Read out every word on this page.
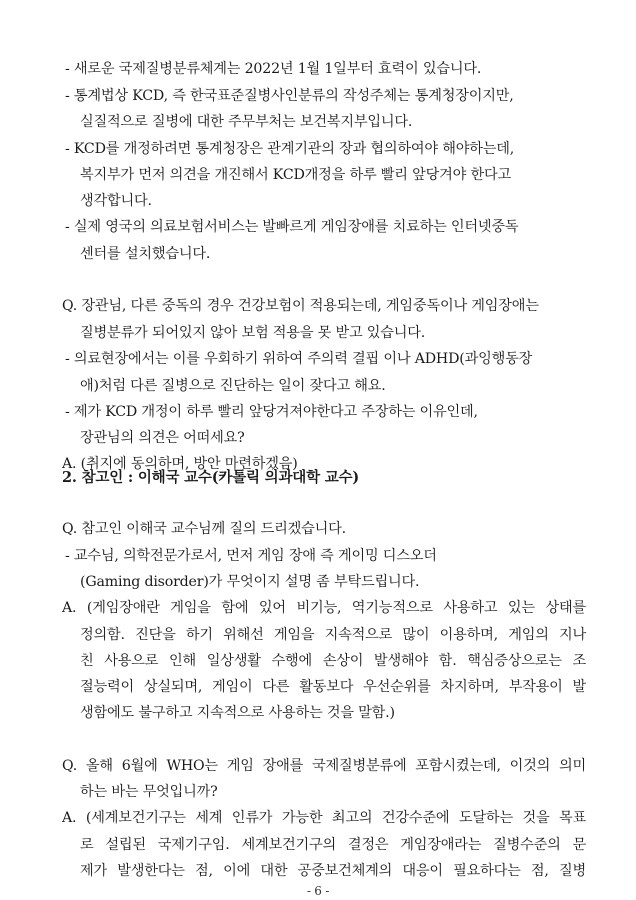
- 새로운 국제질병분류체계는 2022년 1월 1일부터 효력이 있습니다.
- 통계법상 KCD, 즉 한국표준질병사인분류의 작성주체는 통계청장이지만,
실질적으로 질병에 대한 주무부처는 보건복지부입니다.
- KCD를 개정하려면 통계청장은 관계기관의 장과 협의하여야 해야하는데,
복지부가 먼저 의견을 개진해서 KCD개정을 하루 빨리 앞당겨야 한다고
생각합니다.
- 실제 영국의 의료보험서비스는 발빠르게 게임장애를 치료하는 인터넷중독
센터를 설치했습니다.
Q. 장관님, 다른 중독의 경우 건강보험이 적용되는데, 게임중독이나 게임장애는
질병분류가 되어있지 않아 보험 적용을 못 받고 있습니다.
- 의료현장에서는 이를 우회하기 위하여 주의력 결핍 이나 ADHD(과잉행동장
애)처럼 다른 질병으로 진단하는 일이 잦다고 해요.
- 제가 KCD 개정이 하루 빨리 앞당겨져야한다고 주장하는 이유인데,
장관님의 의견은 어떠세요?
A. (취지에 동의하며, 방안 마련하겠음)
2. 참고인 : 이해국 교수(카톨릭 의과대학 교수)
Q. 참고인 이해국 교수님께 질의 드리겠습니다.
- 교수님, 의학전문가로서, 먼저 게임 장애 즉 게이밍 디스오더
(Gaming disorder)가 무엇이지 설명 좀 부탁드립니다.
A. (게임장애란 게임을 함에 있어 비기능, 역기능적으로 사용하고 있는 상태를
정의함. 진단을 하기 위해선 게임을 지속적으로 많이 이용하며, 게임의 지나
친 사용으로 인해 일상생활 수행에 손상이 발생해야 함. 핵심증상으로는 조
절능력이 상실되며, 게임이 다른 활동보다 우선순위를 차지하며, 부작용이 발
생함에도 불구하고 지속적으로 사용하는 것을 말함.)
Q. 올해 6월에 WHO는 게임 장애를 국제질병분류에 포함시켰는데, 이것의 의미
하는 바는 무엇입니까?
A. (세계보건기구는 세계 인류가 가능한 최고의 건강수준에 도달하는 것을 목표
로 설립된 국제기구임. 세계보건기구의 결정은 게임장애라는 질병수준의 문
제가 발생한다는 점, 이에 대한 공중보건체계의 대응이 필요하다는 점, 질병
- 6 -
